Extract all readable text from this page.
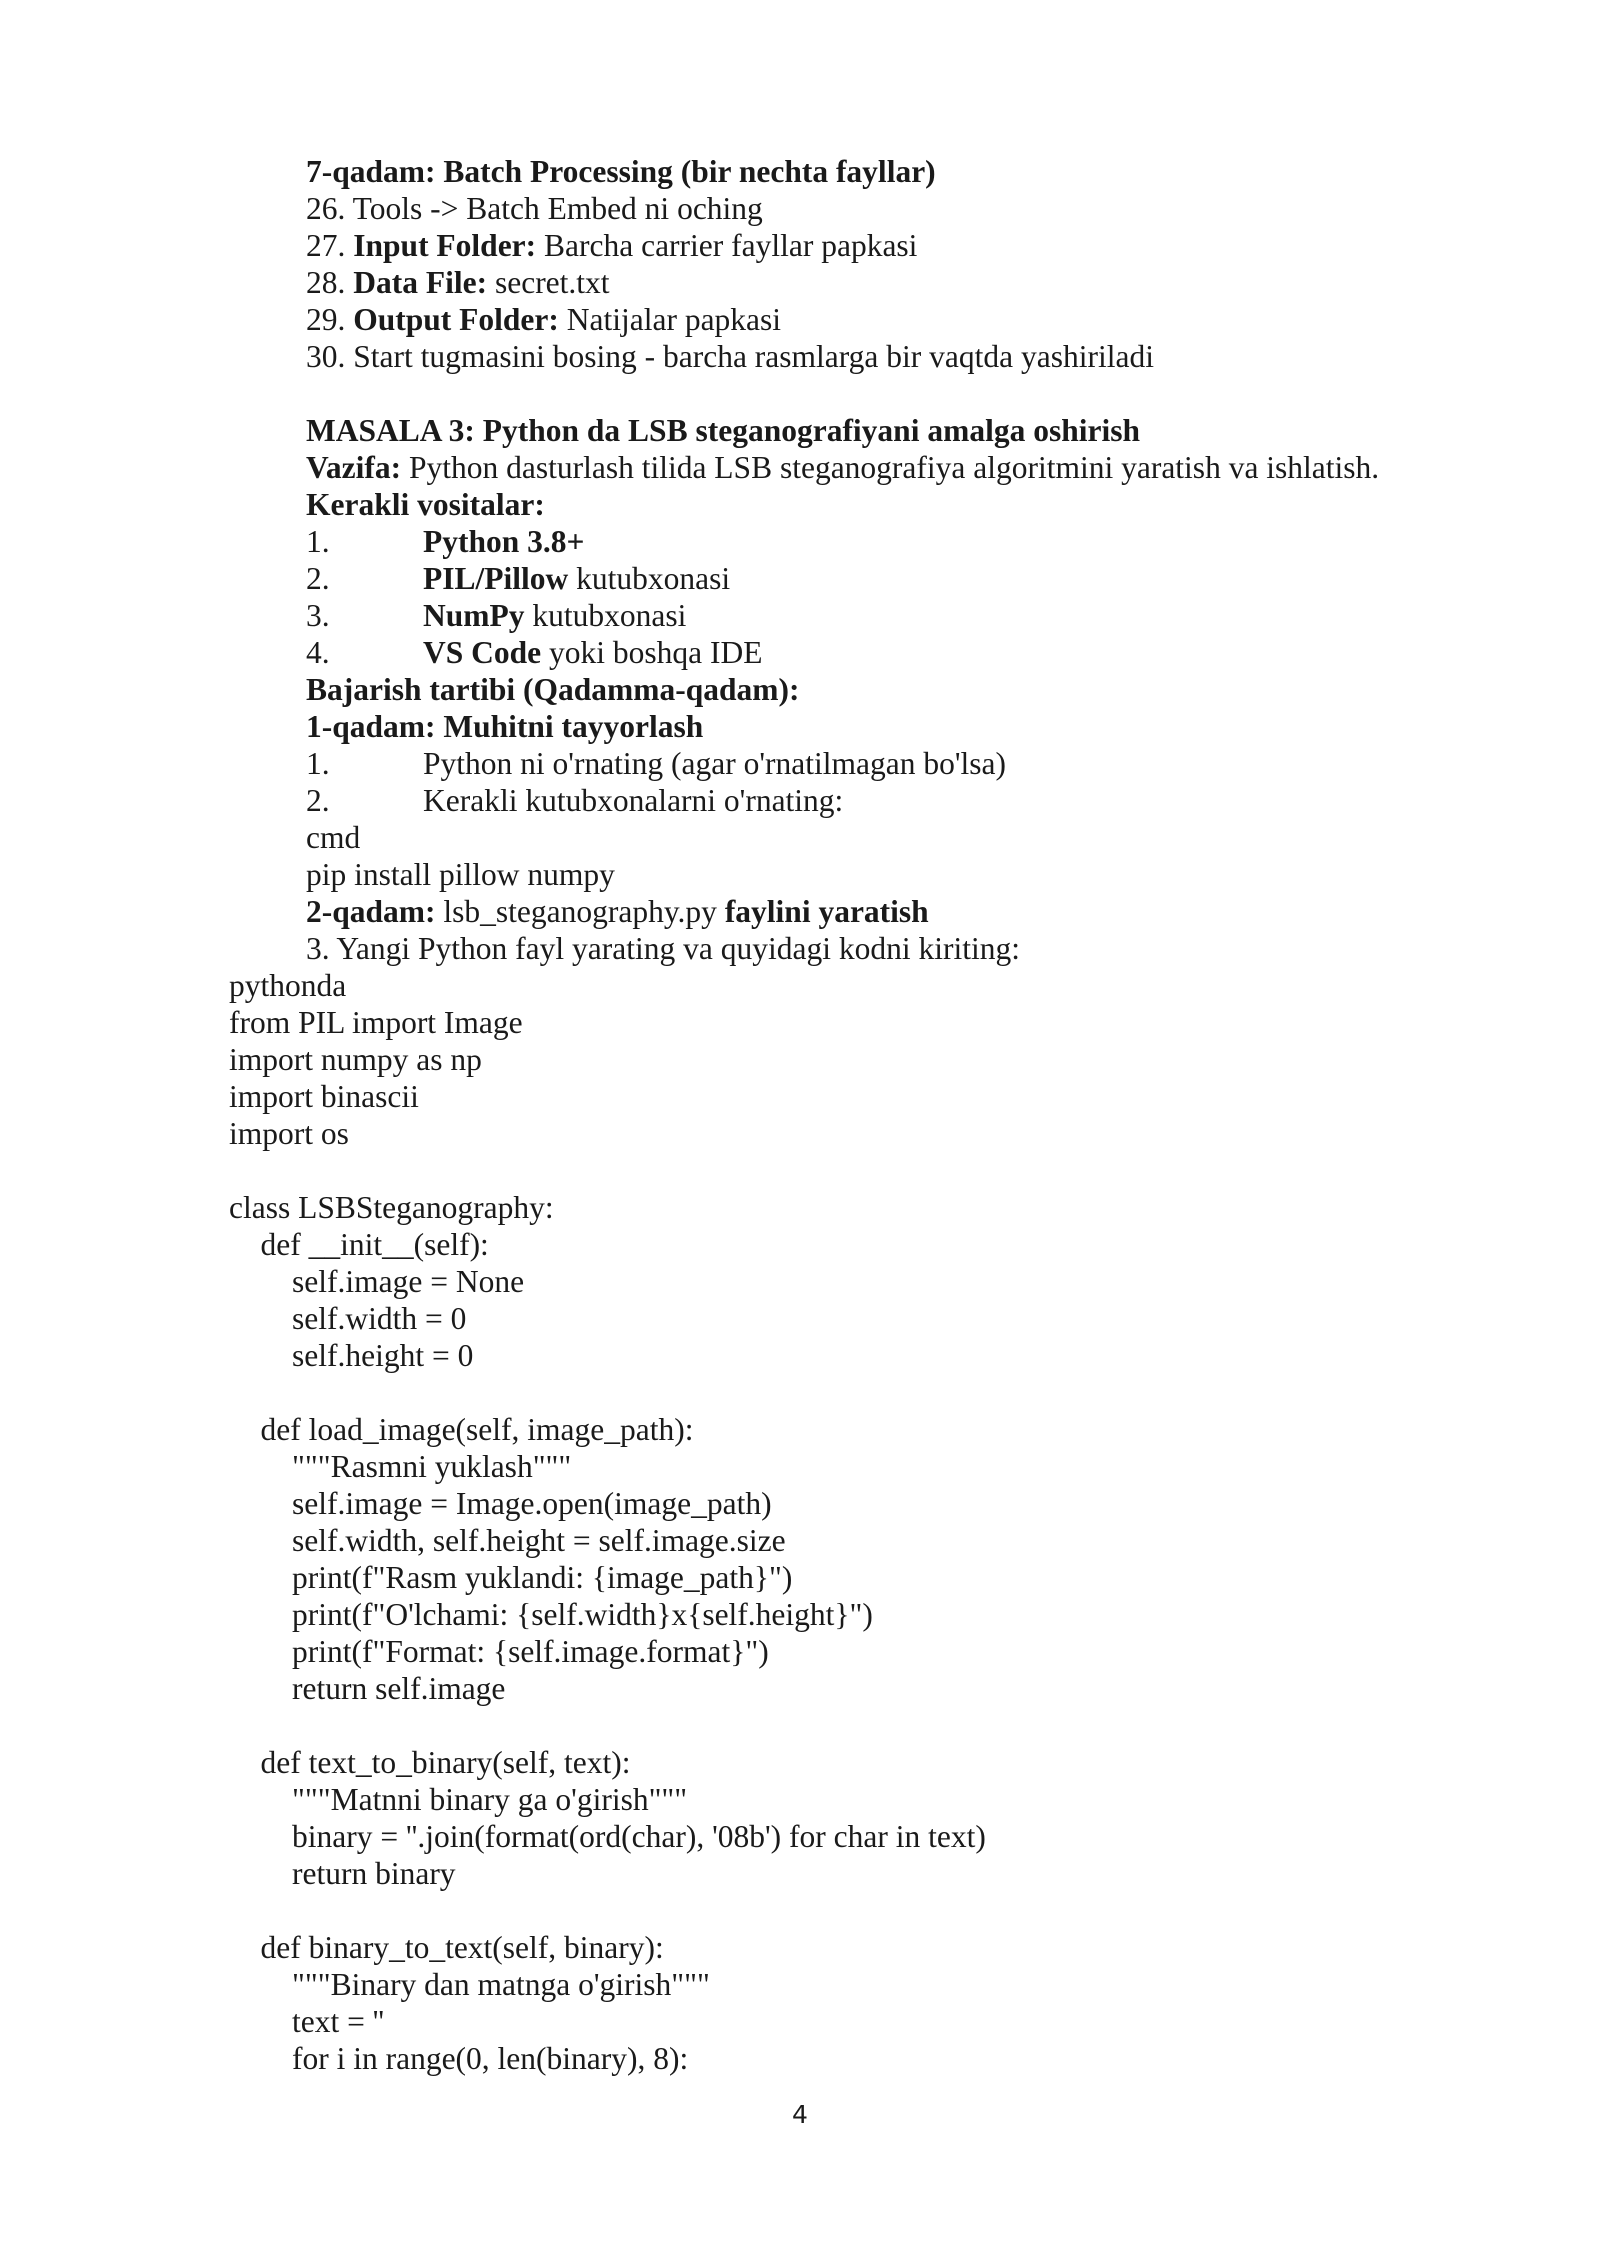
7-qadam: Batch Processing (bir nechta fayllar)
26. Tools -> Batch Embed ni oching
27. Input Folder: Barcha carrier fayllar papkasi
28. Data File: secret.txt
29. Output Folder: Natijalar papkasi
30. Start tugmasini bosing - barcha rasmlarga bir vaqtda yashiriladi
MASALA 3: Python da LSB steganografiyani amalga oshirish
Vazifa: Python dasturlash tilida LSB steganografiya algoritmini yaratish va ishlatish.
Kerakli vositalar:
1.	Python 3.8+
2.	PIL/Pillow kutubxonasi
3.	NumPy kutubxonasi
4.	VS Code yoki boshqa IDE
Bajarish tartibi (Qadamma-qadam):
1-qadam: Muhitni tayyorlash
1.	Python ni o'rnating (agar o'rnatilmagan bo'lsa)
2.	Kerakli kutubxonalarni o'rnating:
cmd
pip install pillow numpy
2-qadam: lsb_steganography.py faylini yaratish
3. Yangi Python fayl yarating va quyidagi kodni kiriting:
pythonda
from PIL import Image
import numpy as np
import binascii
import os
class LSBSteganography:
def __init__(self):
self.image = None
self.width = 0
self.height = 0
def load_image(self, image_path):
"""Rasmni yuklash"""
self.image = Image.open(image_path)
self.width, self.height = self.image.size
print(f"Rasm yuklandi: {image_path}")
print(f"O'lchami: {self.width}x{self.height}")
print(f"Format: {self.image.format}")
return self.image
def text_to_binary(self, text):
"""Matnni binary ga o'girish"""
binary = ''.join(format(ord(char), '08b') for char in text)
return binary
def binary_to_text(self, binary):
"""Binary dan matnga o'girish"""
text = ''
for i in range(0, len(binary), 8):
4
